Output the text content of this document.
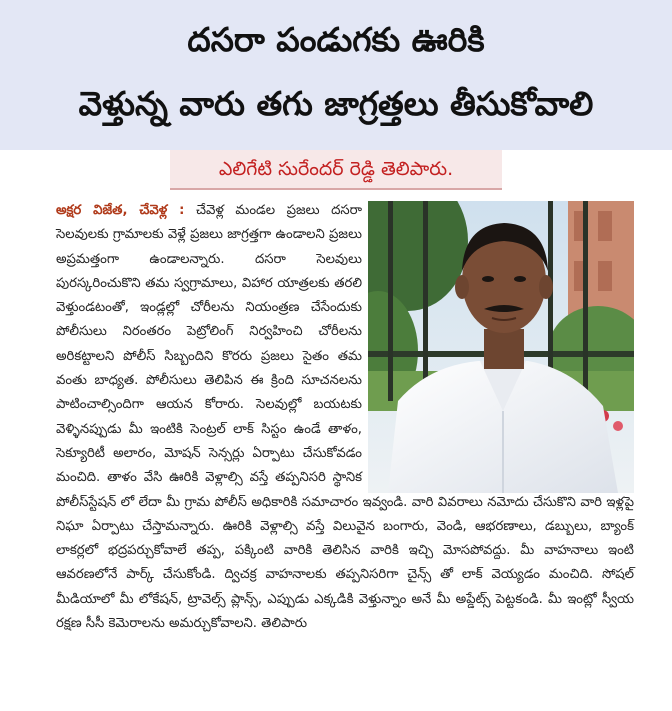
దసరా పండుగకు ఊరికి
వెళ్తున్న వారు తగు జాగ్రత్తలు తీసుకోవాలి
ఎలిగేటి సురేందర్ రెడ్డి తెలిపారు.
అక్షర విజేత, చేవెళ్ల : చేవెళ్ల మండల ప్రజలు దసరా సెలవులకు గ్రామాలకు వెళ్లే ప్రజలు జాగ్రత్తగా ఉండాలని ప్రజలు అప్రమత్తంగా ఉండాలన్నారు. దసరా సెలవులు పురస్కరించుకొని తమ స్వగ్రామాలు, విహార యాత్రలకు తరలి వెళ్తుండటంతో, ఇండ్లల్లో చోరీలను నియంత్రణ చేసేందుకు పోలీసులు నిరంతరం పెట్రోలింగ్ నిర్వహించి చోరీలను అరికట్టాలని పోలీస్ సిబ్బందిని కొరరు ప్రజలు సైతం తమ వంతు బాధ్యత. పోలీసులు తెలిపిన ఈ క్రింది సూచనలను పాటించాల్సిందిగా ఆయన కోరారు. సెలవుల్లో బయటకు వెళ్ళినప్పుడు మీ ఇంటికి సెంట్రల్ లాక్ సిస్టం ఉండే తాళం, సెక్యూరిటీ అలారం, మోషన్ సెన్సర్లు ఏర్పాటు చేసుకోవడం మంచిది. తాళం వేసి ఊరికి వెళ్లాల్సి వస్తే తప్పనిసరి స్థానిక పోలీస్‌స్టేషన్ లో లేదా మీ గ్రామ పోలీస్ అధికారికి సమాచారం ఇవ్వండి. వారి వివరాలు నమోదు చేసుకొని వారి ఇళ్లపై నిఘా ఏర్పాటు చేస్తామన్నారు. ఊరికి వెళ్లాల్సి వస్తే విలువైన బంగారు, వెండి, ఆభరణాలు, డబ్బులు, బ్యాంక్ లాకర్లలో భద్రపర్చుకోవాలే తప్ప, పక్కింటి వారికి తెలిసిన వారికి ఇచ్చి మోసపోవద్దు. మీ వాహనాలు ఇంటి ఆవరణలోనే పార్క్ చేసుకోండి. ద్విచక్ర వాహనాలకు తప్పనిసరిగా చైన్స్ తో లాక్ వెయ్యడం మంచిది. సోషల్ మీడియాలో మీ లోకేషన్, ట్రావెల్స్ ప్లాన్స్, ఎప్పుడు ఎక్కడికి వెళ్తున్నాం అనే మీ అప్డేట్స్ పెట్టకండి. మీ ఇంట్లో స్వీయ రక్షణ సీసీ కెమెరాలను అమర్చుకోవాలని. తెలిపారు
